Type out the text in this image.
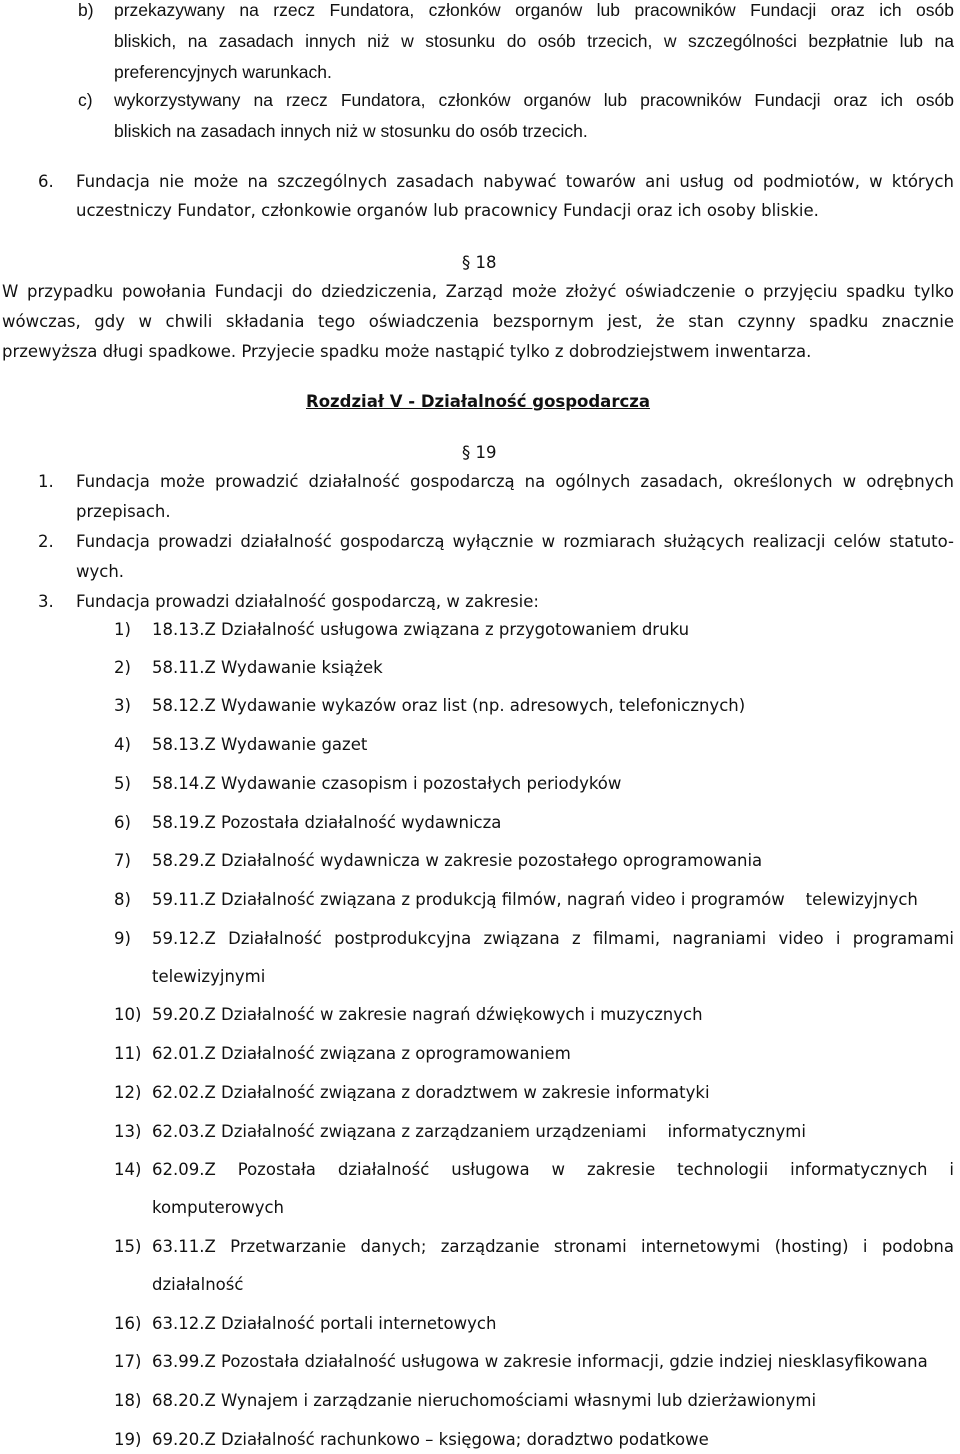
b) przekazywany na rzecz Fundatora, członków organów lub pracowników Fundacji oraz ich osób
bliskich, na zasadach innych niż w stosunku do osób trzecich, w szczególności bezpłatnie lub na
preferencyjnych warunkach.
c) wykorzystywany na rzecz Fundatora, członków organów lub pracowników Fundacji oraz ich osób
bliskich na zasadach innych niż w stosunku do osób trzecich.
6. Fundacja nie może na szczególnych zasadach nabywać towarów ani usług od podmiotów, w których
uczestniczy Fundator, członkowie organów lub pracownicy Fundacji oraz ich osoby bliskie.
§ 18
W przypadku powołania Fundacji do dziedziczenia, Zarząd może złożyć oświadczenie o przyjęciu spadku tylko
wówczas, gdy w chwili składania tego oświadczenia bezspornym jest, że stan czynny spadku znacznie
przewyższa długi spadkowe. Przyjecie spadku może nastąpić tylko z dobrodziejstwem inwentarza.
Rozdział V - Działalność gospodarcza
§ 19
1. Fundacja może prowadzić działalność gospodarczą na ogólnych zasadach, określonych w odrębnych
przepisach.
2. Fundacja prowadzi działalność gospodarczą wyłącznie w rozmiarach służących realizacji celów statuto-
wych.
3. Fundacja prowadzi działalność gospodarczą, w zakresie:
1) 18.13.Z Działalność usługowa związana z przygotowaniem druku
2) 58.11.Z Wydawanie książek
3) 58.12.Z Wydawanie wykazów oraz list (np. adresowych, telefonicznych)
4) 58.13.Z Wydawanie gazet
5) 58.14.Z Wydawanie czasopism i pozostałych periodyków
6) 58.19.Z Pozostała działalność wydawnicza
7) 58.29.Z Działalność wydawnicza w zakresie pozostałego oprogramowania
8) 59.11.Z Działalność związana z produkcją filmów, nagrań video i programów    telewizyjnych
9) 59.12.Z Działalność postprodukcyjna związana z filmami, nagraniami video i programami
telewizyjnymi
10) 59.20.Z Działalność w zakresie nagrań dźwiękowych i muzycznych
11) 62.01.Z Działalność związana z oprogramowaniem
12) 62.02.Z Działalność związana z doradztwem w zakresie informatyki
13) 62.03.Z Działalność związana z zarządzaniem urządzeniami    informatycznymi
14) 62.09.Z Pozostała działalność usługowa w zakresie technologii informatycznych i
komputerowych
15) 63.11.Z Przetwarzanie danych; zarządzanie stronami internetowymi (hosting) i podobna
działalność
16) 63.12.Z Działalność portali internetowych
17) 63.99.Z Pozostała działalność usługowa w zakresie informacji, gdzie indziej niesklasyfikowana
18) 68.20.Z Wynajem i zarządzanie nieruchomościami własnymi lub dzierżawionymi
19) 69.20.Z Działalność rachunkowo – księgowa; doradztwo podatkowe
